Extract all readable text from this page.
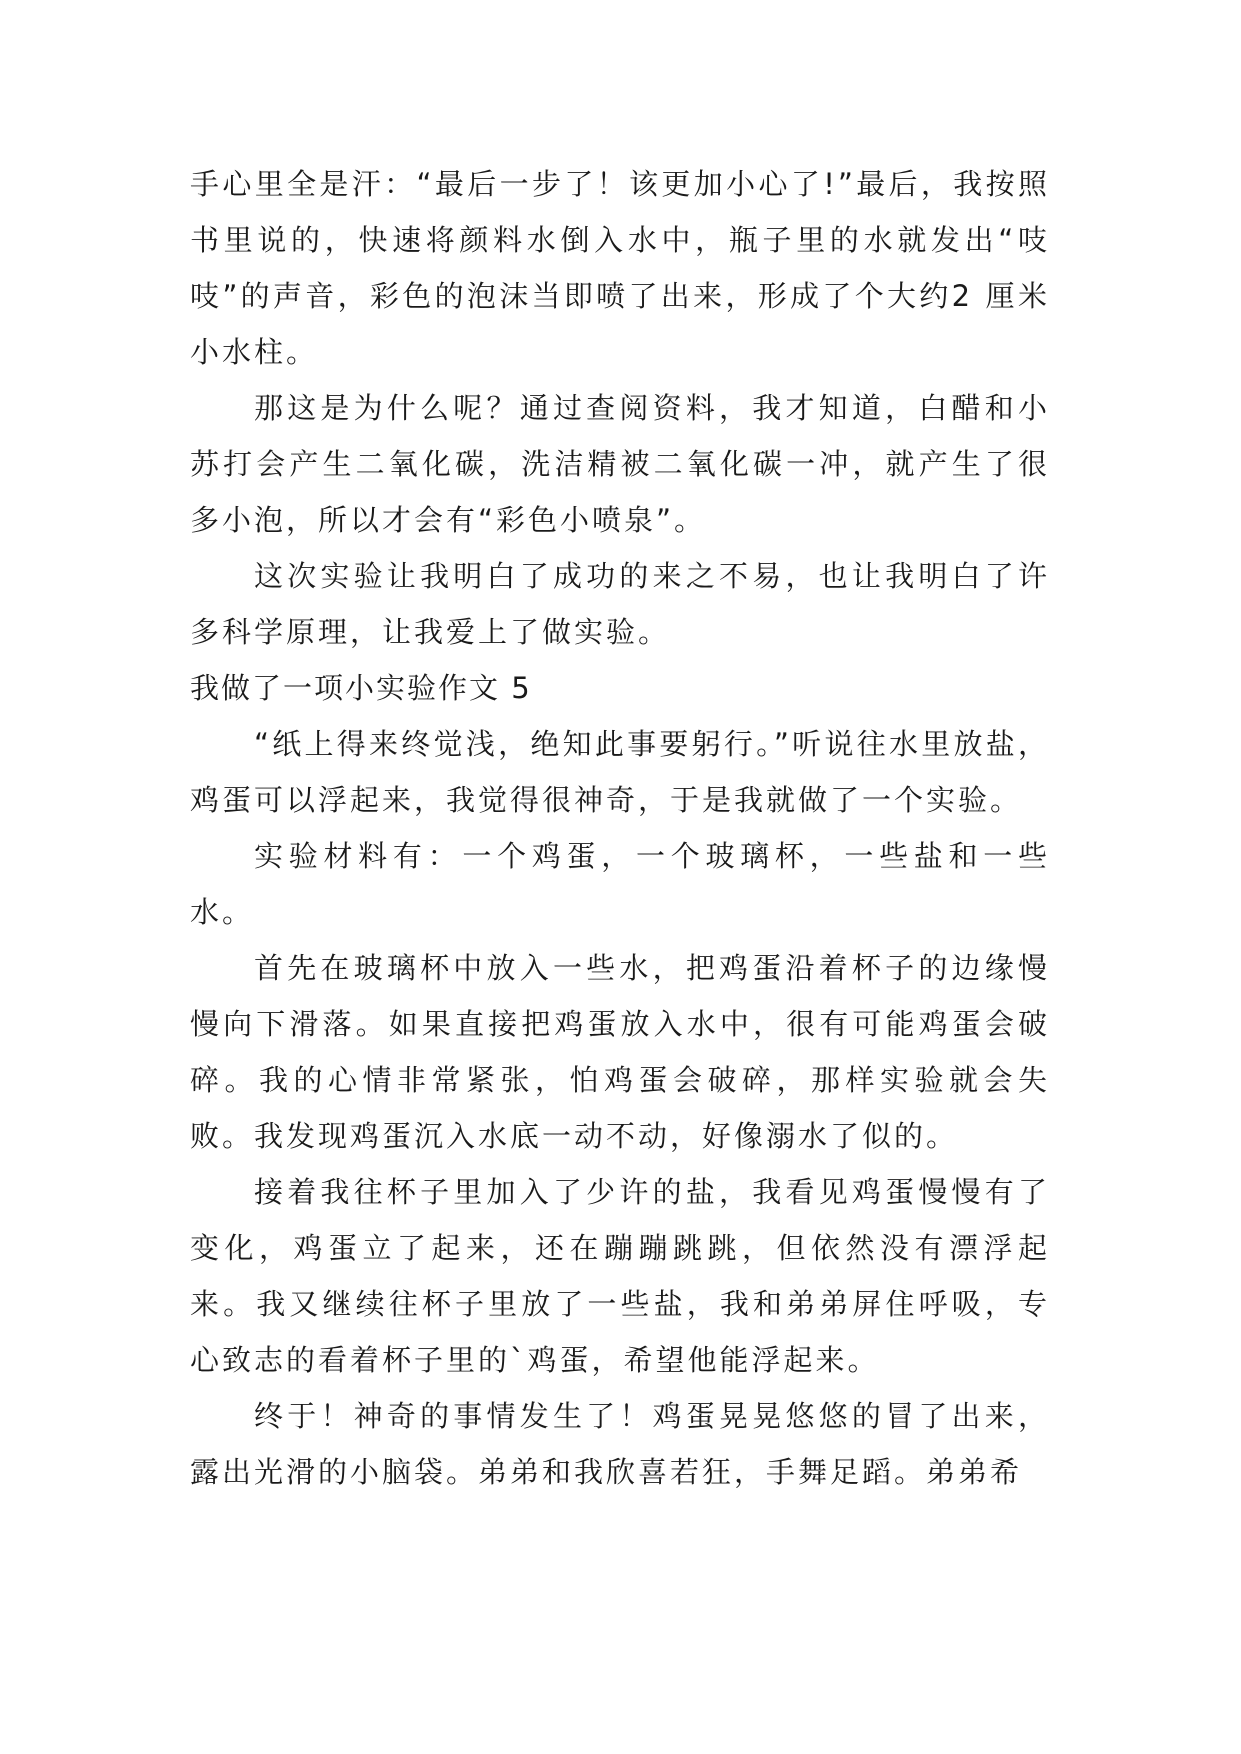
手心里全是汗：“最后一步了！该更加小心了!”最后，我按照书里说的，快速将颜料水倒入水中，瓶子里的水就发出“吱吱”的声音，彩色的泡沫当即喷了出来，形成了个大约2 厘米小水柱。

那这是为什么呢？通过查阅资料，我才知道，白醋和小苏打会产生二氧化碳，洗洁精被二氧化碳一冲，就产生了很多小泡，所以才会有“彩色小喷泉”。

这次实验让我明白了成功的来之不易，也让我明白了许多科学原理，让我爱上了做实验。

我做了一项小实验作文 5

“纸上得来终觉浅，绝知此事要躬行。”听说往水里放盐，鸡蛋可以浮起来，我觉得很神奇，于是我就做了一个实验。

实验材料有：一个鸡蛋，一个玻璃杯，一些盐和一些水。

首先在玻璃杯中放入一些水，把鸡蛋沿着杯子的边缘慢慢向下滑落。如果直接把鸡蛋放入水中，很有可能鸡蛋会破碎。我的心情非常紧张，怕鸡蛋会破碎，那样实验就会失败。我发现鸡蛋沉入水底一动不动，好像溺水了似的。

接着我往杯子里加入了少许的盐，我看见鸡蛋慢慢有了变化，鸡蛋立了起来，还在蹦蹦跳跳，但依然没有漂浮起来。我又继续往杯子里放了一些盐，我和弟弟屏住呼吸，专心致志的看着杯子里的`鸡蛋，希望他能浮起来。

终于！神奇的事情发生了！鸡蛋晃晃悠悠的冒了出来，露出光滑的小脑袋。弟弟和我欣喜若狂，手舞足蹈。弟弟希
